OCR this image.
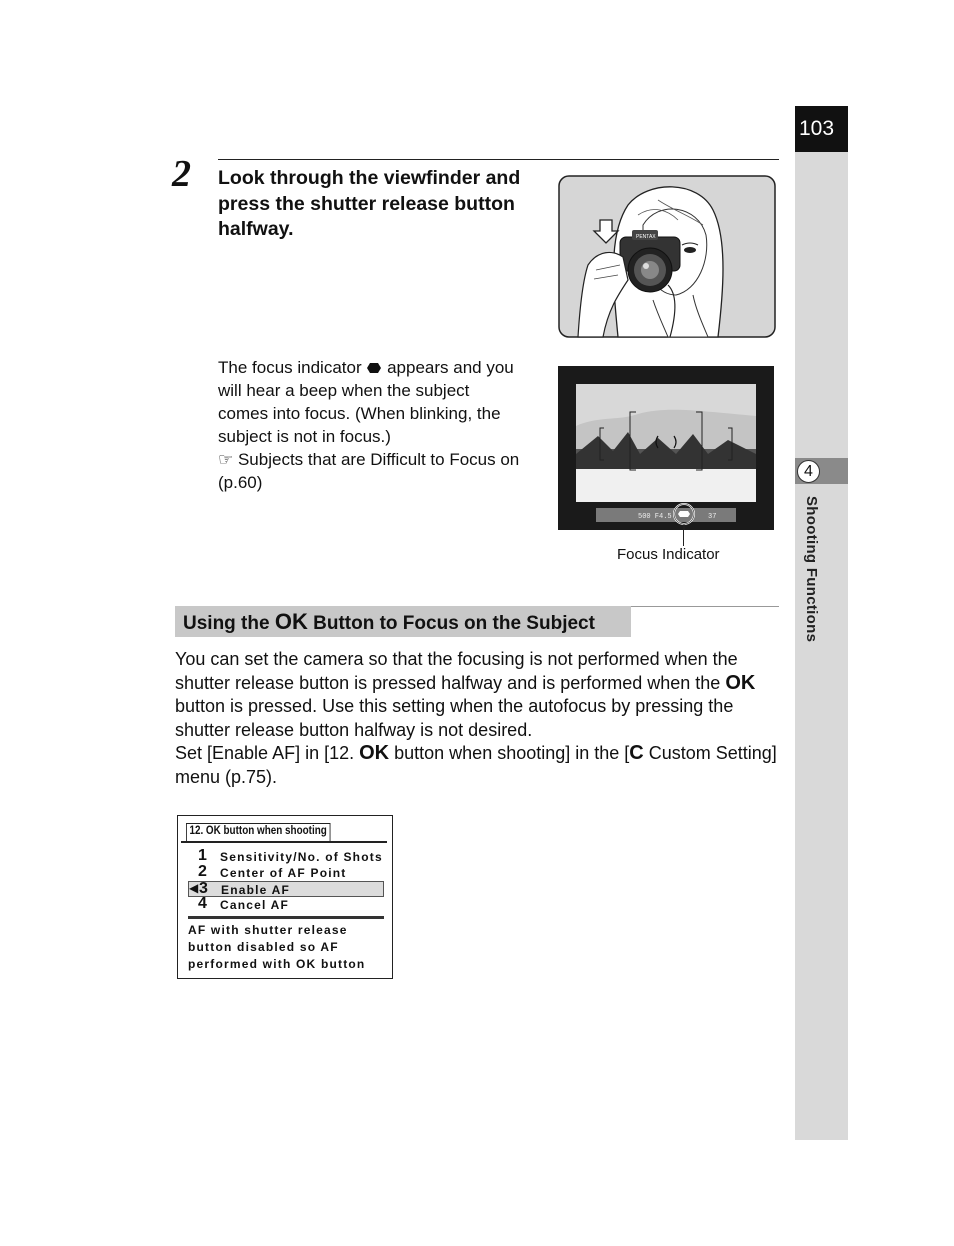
103
4
Shooting Functions
2 Look through the viewfinder and press the shutter release button halfway.	PENTAX

The focus indicator  appears and you will hear a beep when the subject comes into focus. (When blinking, the subject is not in focus.)

☞ Subjects that are Difficult to Focus on (p.60)

500 F4.5	37
Focus Indicator
Using the OK Button to Focus on the Subject
You can set the camera so that the focusing is not performed when the shutter release button is pressed halfway and is performed when the OK button is pressed. Use this setting when the autofocus by pressing the shutter release button halfway is not desired.
Set [Enable AF] in [12. OK button when shooting] in the [C Custom Setting] menu (p.75).
12. OK button when shooting
1 Sensitivity/No. of Shots
2 Center of AF Point
◀ 3 Enable AF
4 Cancel AF
AF with shutter release button disabled so AF performed with OK button
